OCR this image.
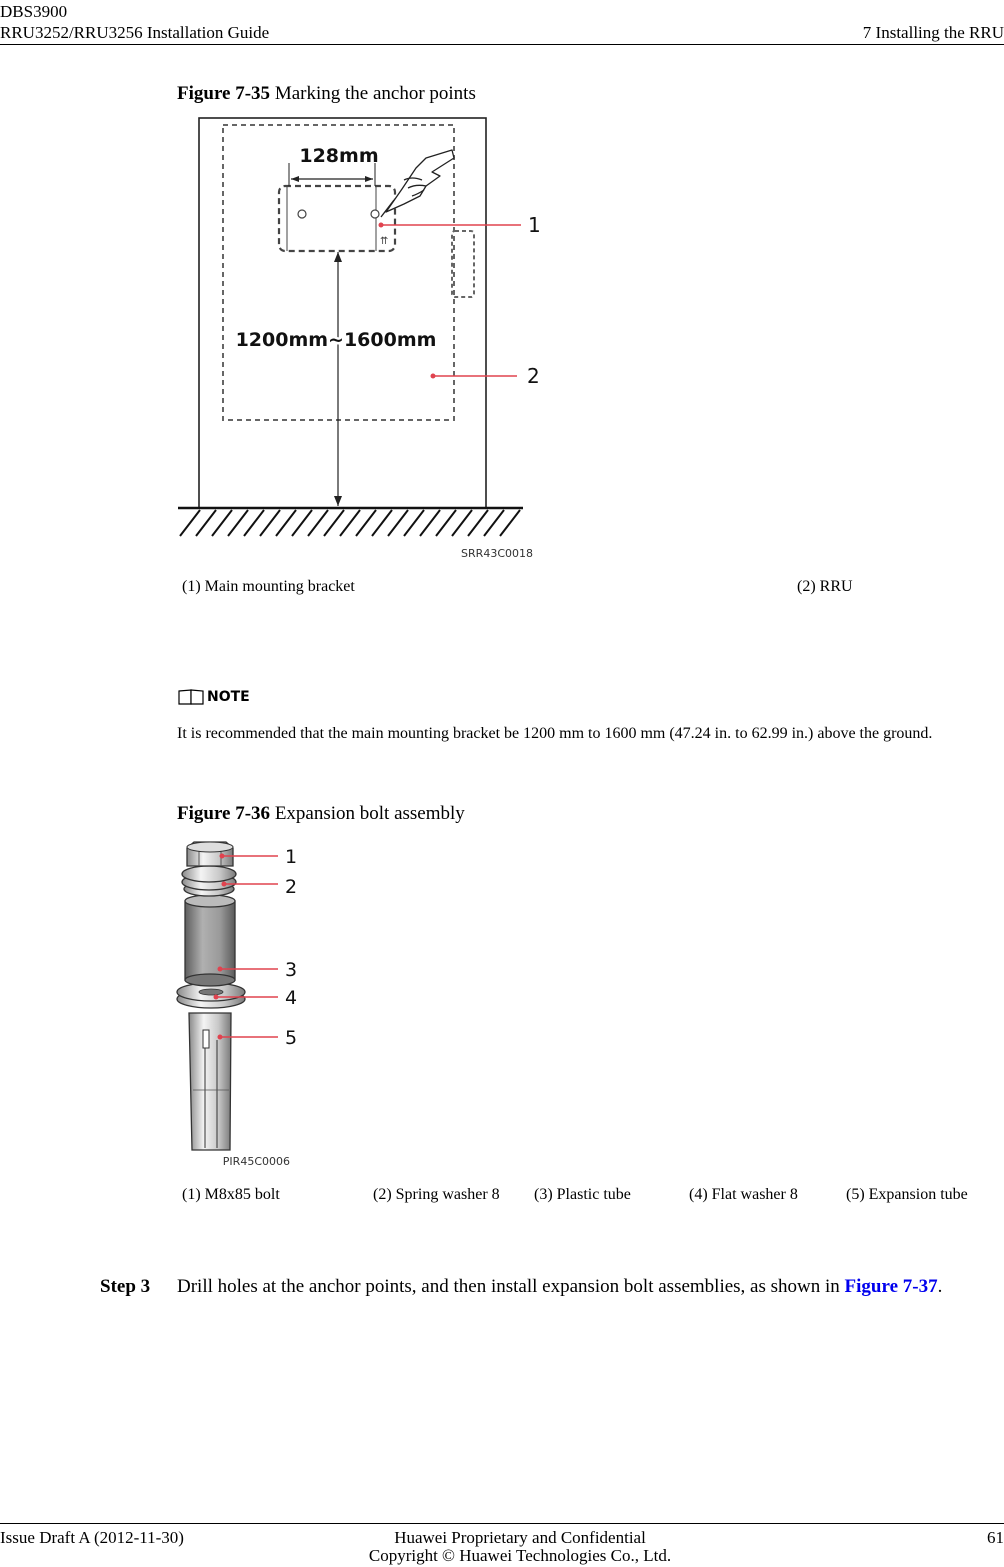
DBS3900
RRU3252/RRU3256 Installation Guide	7 Installing the RRU
Figure 7-35 Marking the anchor points
⇈
128mm
1200mm~1600mm
1
2
SRR43C0018
(1) Main mounting bracket	(2) RRU
NOTE
It is recommended that the main mounting bracket be 1200 mm to 1600 mm (47.24 in. to 62.99 in.) above the ground.
Figure 7-36 Expansion bolt assembly
1
2
3
4
5
PIR45C0006
(1) M8x85 bolt	(2) Spring washer 8 (3) Plastic tube	(4) Flat washer 8	(5) Expansion tube
Step 3 Drill holes at the anchor points, and then install expansion bolt assemblies, as shown in Figure 7-37.
Issue Draft A (2012-11-30)	Huawei Proprietary and Confidential
Copyright © Huawei Technologies Co., Ltd.
61
